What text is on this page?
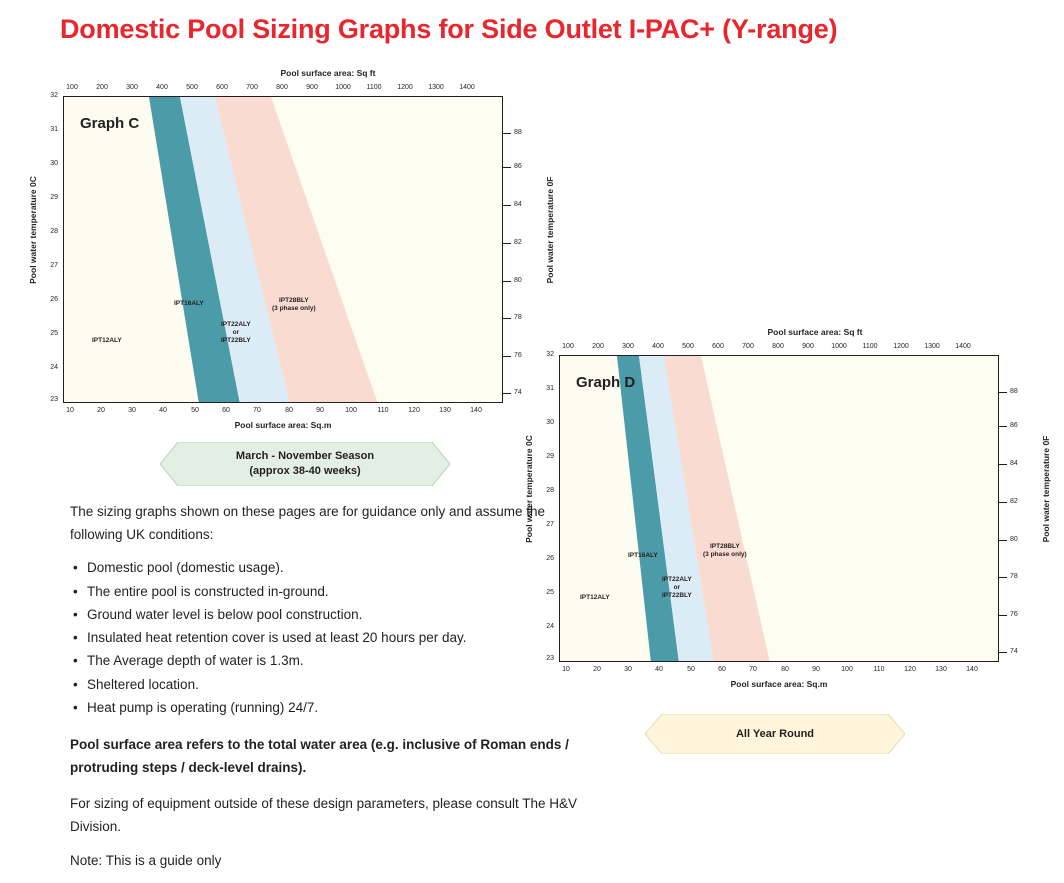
Domestic Pool Sizing Graphs for Side Outlet I-PAC+ (Y-range)
Pool surface area: Sq ft
100	200	300	400	500	600	700	800	900	1000	1100	1200	1300	1400
Graph C
IPT12ALY
IPT16ALY
IPT22ALY
or
IPT22BLY
IPT28BLY
(3 phase only)
32
31
30
29
28
27
26
25
24
23
88
86
84
82
80
78
76
74
10	20	30	40	50	60	70	80	90	100	110	120	130	140
Pool surface area: Sq.m
Pool water temperature 0C	Pool water temperature 0F
March - November Season
(approx 38-40 weeks)
Pool surface area: Sq ft
100	200	300	400	500	600	700	800	900	1000	1100	1200	1300	1400
Graph D
IPT12ALY
IPT16ALY
IPT22ALY
or
IPT22BLY
IPT28BLY
(3 phase only)
32
31
30
29
28
27
26
25
24
23
88
86
84
82
80
78
76
74
10	20	30	40	50	60	70	80	90	100	110	120	130	140
Pool surface area: Sq.m
Pool water temperature 0C	Pool water temperature 0F
All Year Round

The sizing graphs shown on these pages are for guidance only and assume the following UK conditions:

• Domestic pool (domestic usage).
• The entire pool is constructed in-ground.
• Ground water level is below pool construction.
• Insulated heat retention cover is used at least 20 hours per day.
• The Average depth of water is 1.3m.
• Sheltered location.
• Heat pump is operating (running) 24/7.

Pool surface area refers to the total water area (e.g. inclusive of Roman ends / protruding steps / deck-level drains).

For sizing of equipment outside of these design parameters, please consult The H&V Division.

Note: This is a guide only
